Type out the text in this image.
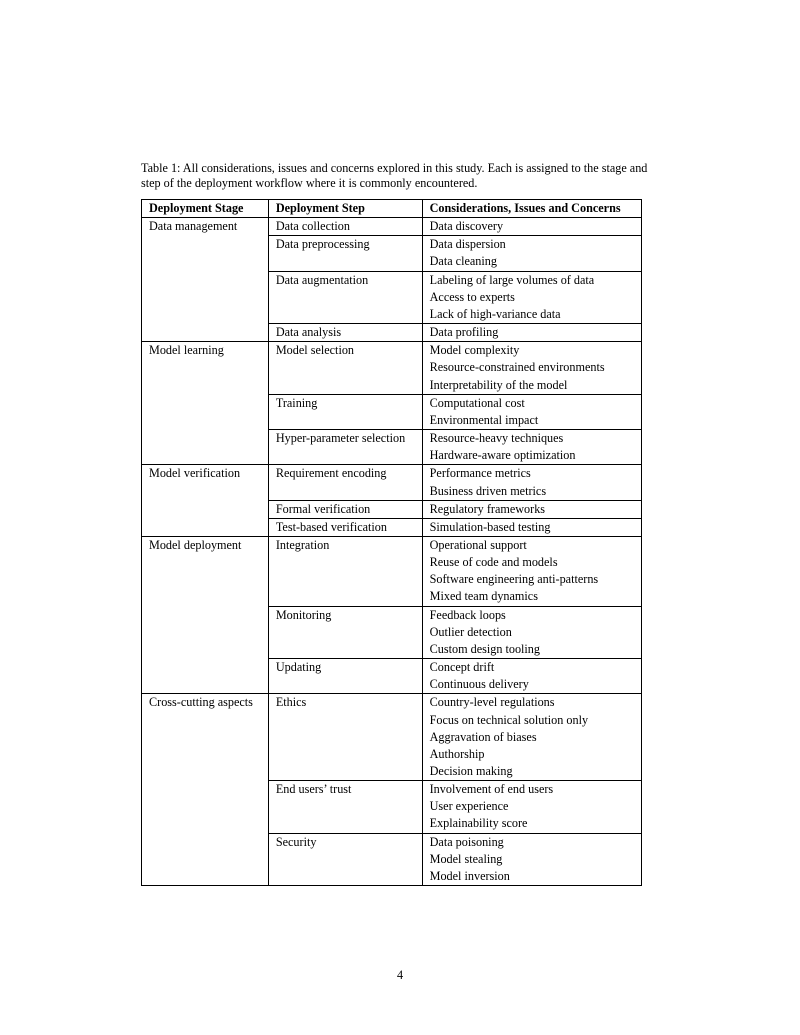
Table 1: All considerations, issues and concerns explored in this study. Each is assigned to the stage and step of the deployment workflow where it is commonly encountered.
Deployment Stage	Deployment Step	Considerations, Issues and Concerns

Data management	Data collection	Data discovery

	Data preprocessing	Data dispersion
Data cleaning

	Data augmentation	Labeling of large volumes of data
Access to experts
Lack of high-variance data

	Data analysis	Data profiling

Model learning	Model selection	Model complexity
Resource-constrained environments
Interpretability of the model

	Training	Computational cost
Environmental impact

	Hyper-parameter selection	Resource-heavy techniques
Hardware-aware optimization

Model verification	Requirement encoding	Performance metrics
Business driven metrics

	Formal verification	Regulatory frameworks

	Test-based verification	Simulation-based testing

Model deployment	Integration	Operational support
Reuse of code and models
Software engineering anti-patterns
Mixed team dynamics

	Monitoring	Feedback loops
Outlier detection
Custom design tooling

	Updating	Concept drift
Continuous delivery

Cross-cutting aspects	Ethics	Country-level regulations
Focus on technical solution only
Aggravation of biases
Authorship
Decision making

	End users’ trust	Involvement of end users
User experience
Explainability score

	Security	Data poisoning
Model stealing
Model inversion
4
